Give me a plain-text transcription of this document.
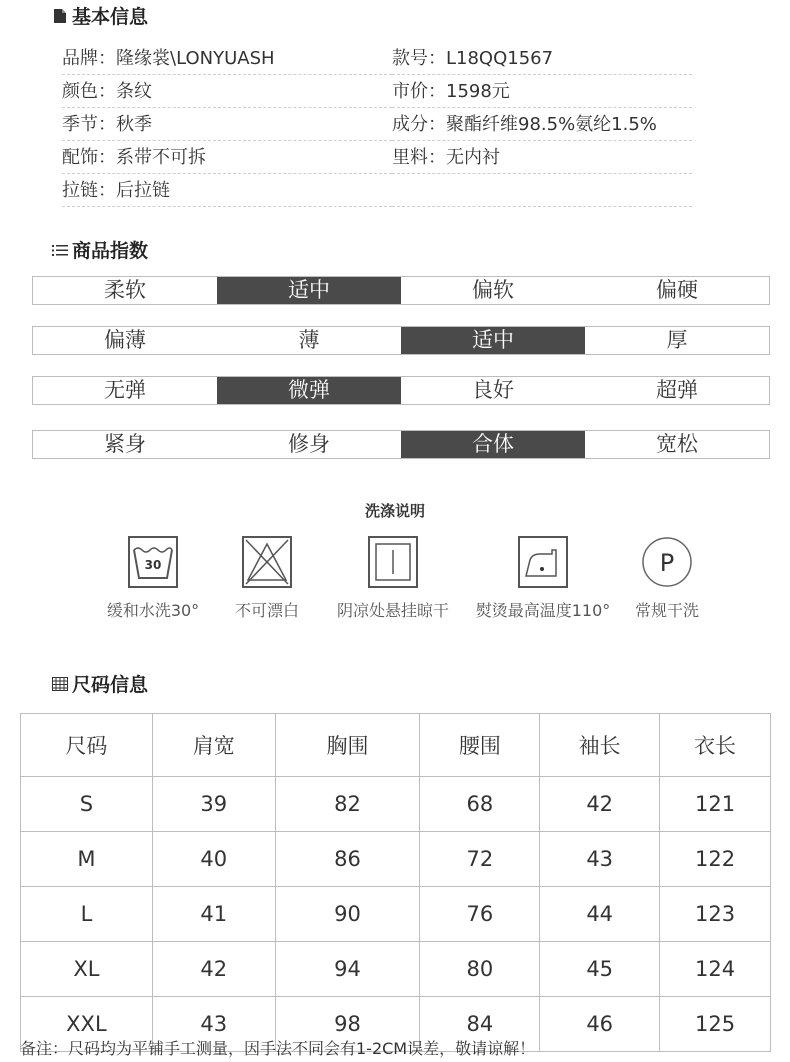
基本信息
品牌：隆缘裳\LONYUASH	款号：L18QQ1567
颜色：条纹	市价：1598元
季节：秋季	成分：聚酯纤维98.5%氨纶1.5%
配饰：系带不可拆	里料：无内衬
拉链：后拉链
商品指数
柔软	适中	偏软	偏硬
偏薄	薄	适中	厚
无弹	微弹	良好	超弹
紧身	修身	合体	宽松
洗涤说明
30
缓和水洗30°	不可漂白	阴凉处悬挂晾干	熨烫最高温度110°
P
常规干洗
尺码信息
尺码	肩宽	胸围	腰围	袖长	衣长
S	39	82	68	42	121
M	40	86	72	43	122
L	41	90	76	44	123
XL	42	94	80	45	124
XXL	43	98	84	46	125
备注：尺码均为平铺手工测量，因手法不同会有1-2CM误差，敬请谅解！
